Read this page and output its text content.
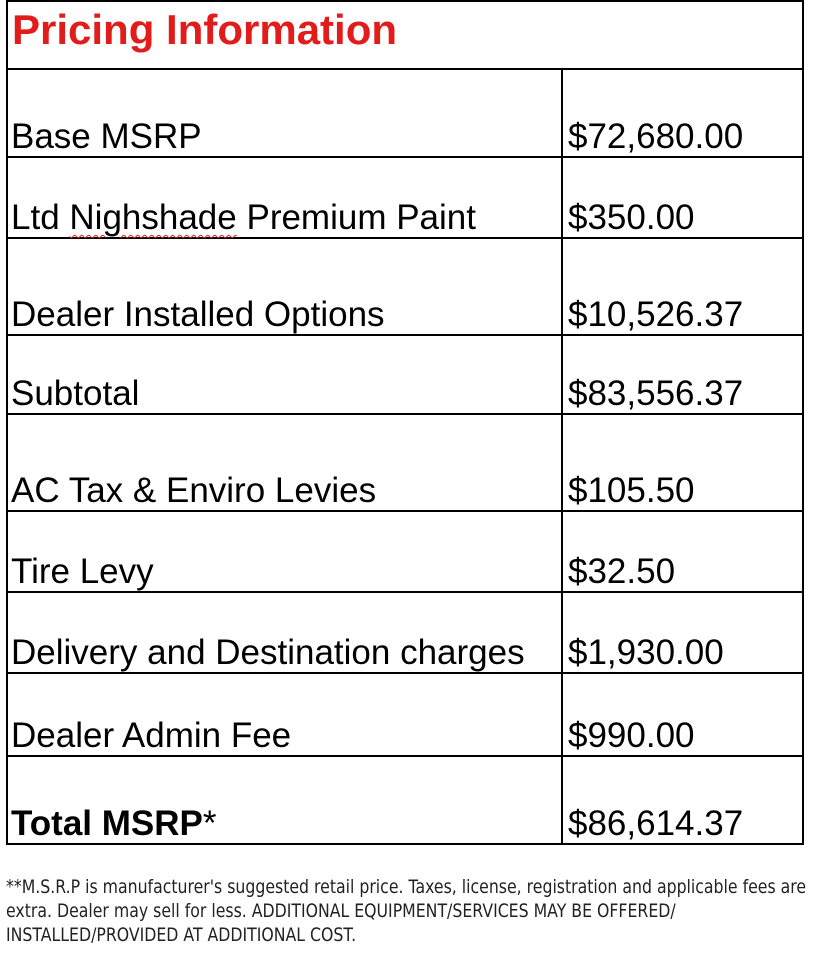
Pricing Information
Base MSRP	$72,680.00
Ltd Nighshade Premium Paint	$350.00
Dealer Installed Options	$10,526.37
Subtotal	$83,556.37
AC Tax & Enviro Levies	$105.50
Tire Levy	$32.50
Delivery and Destination charges $1,930.00
Dealer Admin Fee	$990.00
Total MSRP*	$86,614.37
**M.S.R.P is manufacturer's suggested retail price. Taxes, license, registration and applicable fees are extra. Dealer may sell for less. ADDITIONAL EQUIPMENT/SERVICES MAY BE OFFERED/ INSTALLED/PROVIDED AT ADDITIONAL COST.
